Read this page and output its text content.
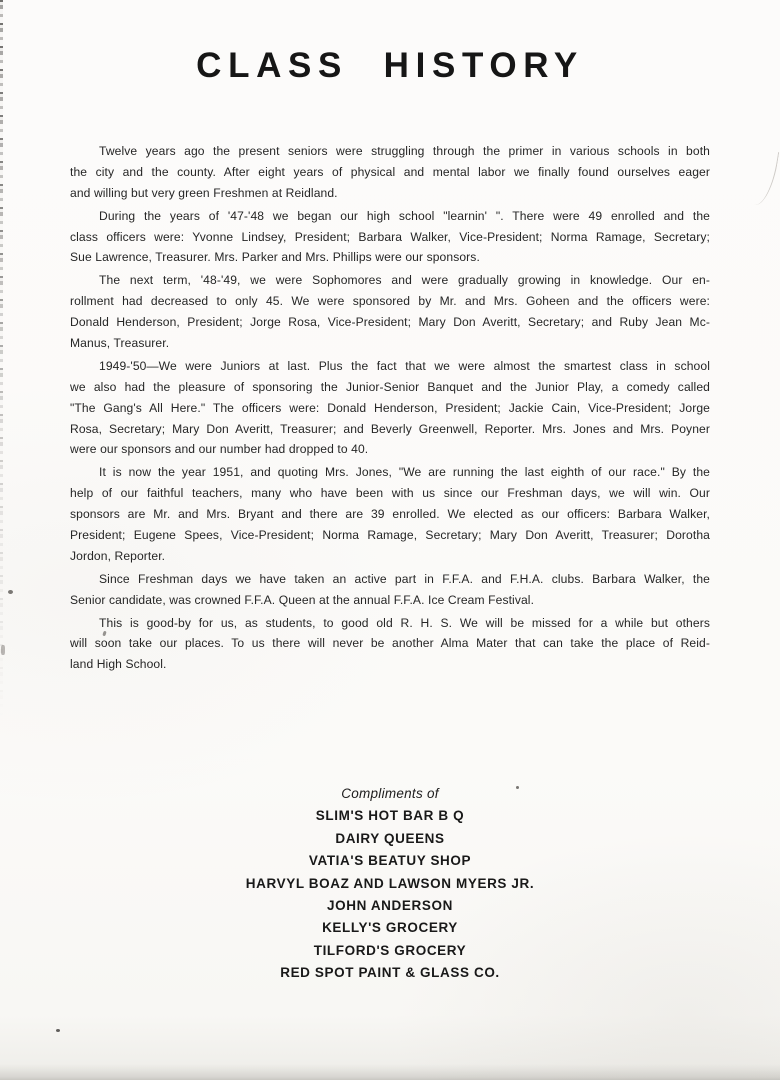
CLASS HISTORY
Twelve years ago the present seniors were struggling through the primer in various schools in both
the city and the county. After eight years of physical and mental labor we finally found ourselves eager
and willing but very green Freshmen at Reidland.
During the years of '47-'48 we began our high school "learnin' ". There were 49 enrolled and the
class officers were: Yvonne Lindsey, President; Barbara Walker, Vice-President; Norma Ramage, Secretary;
Sue Lawrence, Treasurer. Mrs. Parker and Mrs. Phillips were our sponsors.
The next term, '48-'49, we were Sophomores and were gradually growing in knowledge. Our en-
rollment had decreased to only 45. We were sponsored by Mr. and Mrs. Goheen and the officers were:
Donald Henderson, President; Jorge Rosa, Vice-President; Mary Don Averitt, Secretary; and Ruby Jean Mc-
Manus, Treasurer.
1949-'50—We were Juniors at last. Plus the fact that we were almost the smartest class in school
we also had the pleasure of sponsoring the Junior-Senior Banquet and the Junior Play, a comedy called
"The Gang's All Here." The officers were: Donald Henderson, President; Jackie Cain, Vice-President; Jorge
Rosa, Secretary; Mary Don Averitt, Treasurer; and Beverly Greenwell, Reporter. Mrs. Jones and Mrs. Poyner
were our sponsors and our number had dropped to 40.
It is now the year 1951, and quoting Mrs. Jones, "We are running the last eighth of our race." By the
help of our faithful teachers, many who have been with us since our Freshman days, we will win. Our
sponsors are Mr. and Mrs. Bryant and there are 39 enrolled. We elected as our officers: Barbara Walker,
President; Eugene Spees, Vice-President; Norma Ramage, Secretary; Mary Don Averitt, Treasurer; Dorotha
Jordon, Reporter.
Since Freshman days we have taken an active part in F.F.A. and F.H.A. clubs. Barbara Walker, the
Senior candidate, was crowned F.F.A. Queen at the annual F.F.A. Ice Cream Festival.
This is good-by for us, as students, to good old R. H. S. We will be missed for a while but others
will soon take our places. To us there will never be another Alma Mater that can take the place of Reid-
land High School.
Compliments of
SLIM'S HOT BAR B Q
DAIRY QUEENS
VATIA'S BEATUY SHOP
HARVYL BOAZ AND LAWSON MYERS JR.
JOHN ANDERSON
KELLY'S GROCERY
TILFORD'S GROCERY
RED SPOT PAINT & GLASS CO.
